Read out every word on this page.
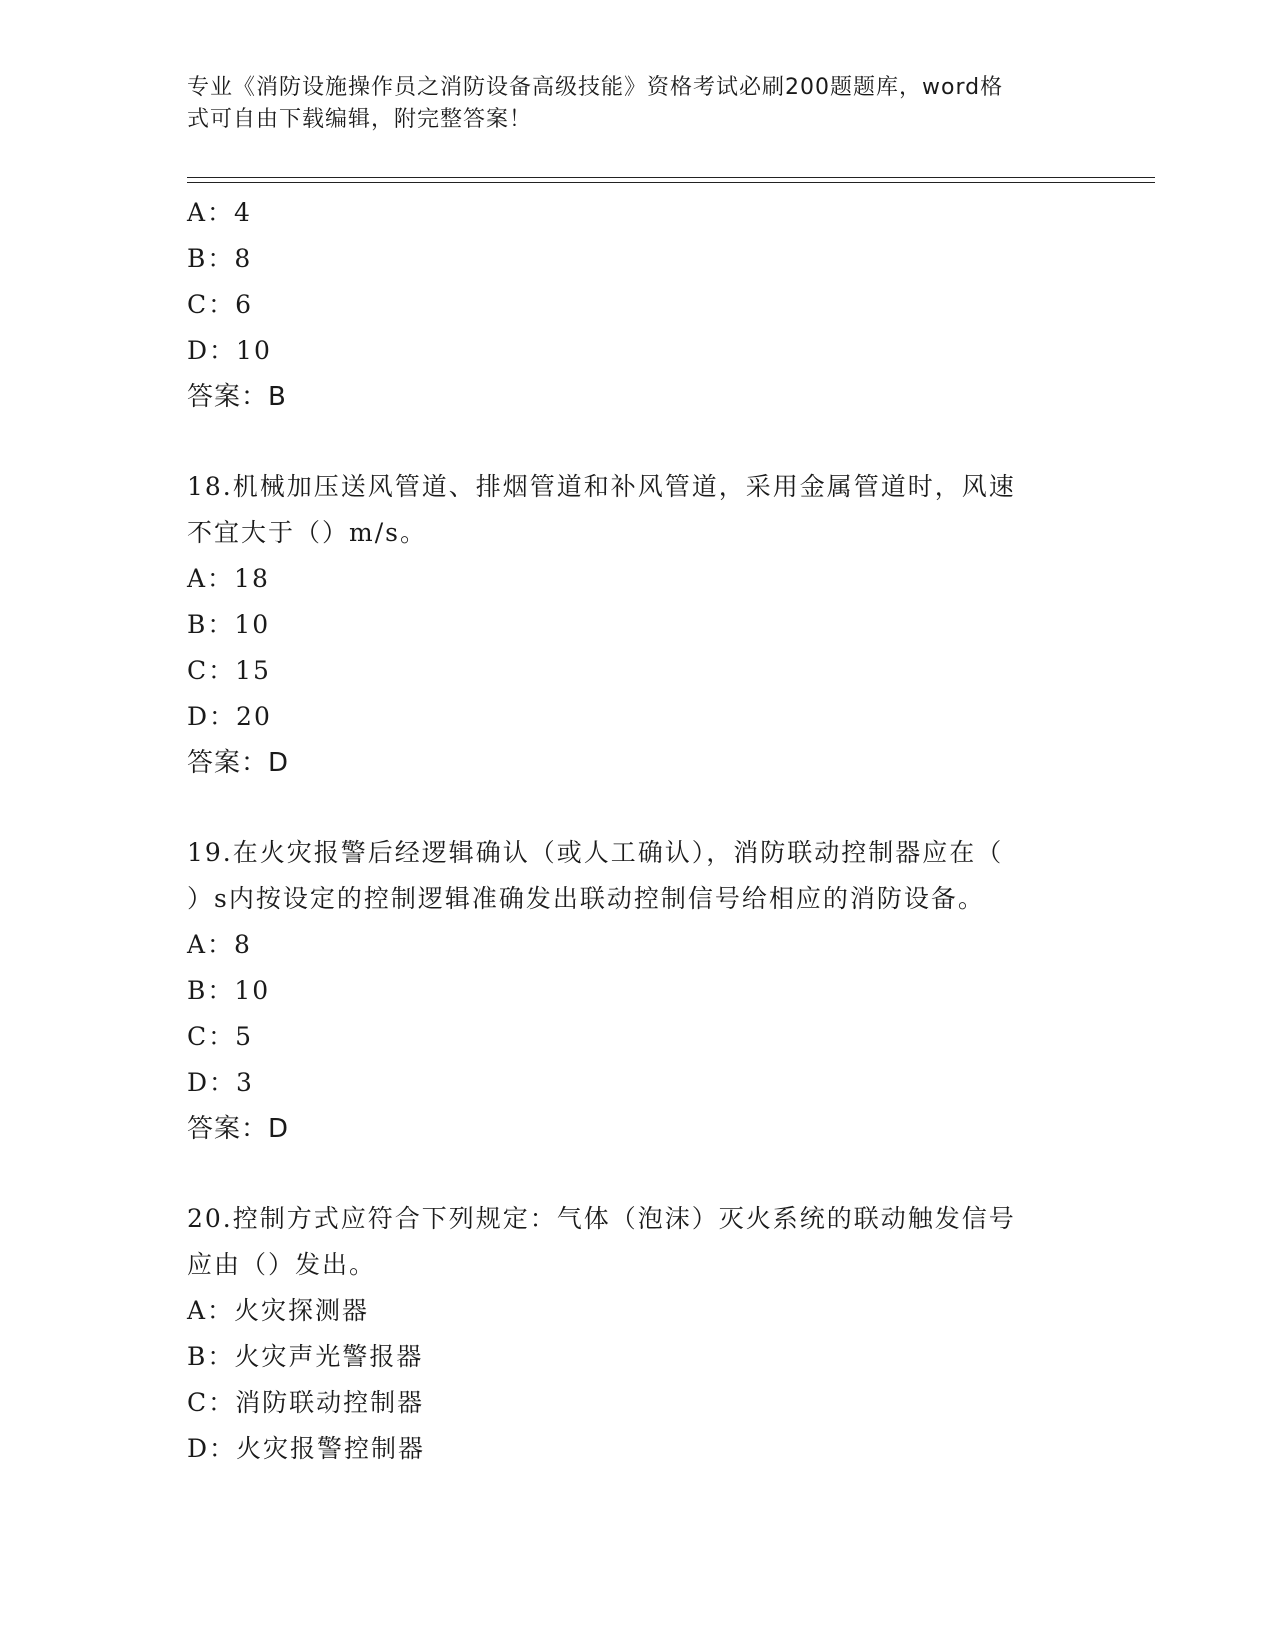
专业《消防设施操作员之消防设备高级技能》资格考试必刷200题题库，word格
式可自由下载编辑，附完整答案！
A：4
B：8
C：6
D：10
答案：B
18.机械加压送风管道、排烟管道和补风管道，采用金属管道时，风速
不宜大于（）m/s。
A：18
B：10
C：15
D：20
答案：D
19.在火灾报警后经逻辑确认（或人工确认），消防联动控制器应在（
）s内按设定的控制逻辑准确发出联动控制信号给相应的消防设备。
A：8
B：10
C：5
D：3
答案：D
20.控制方式应符合下列规定：气体（泡沫）灭火系统的联动触发信号
应由（）发出。
A：火灾探测器
B：火灾声光警报器
C：消防联动控制器
D：火灾报警控制器
